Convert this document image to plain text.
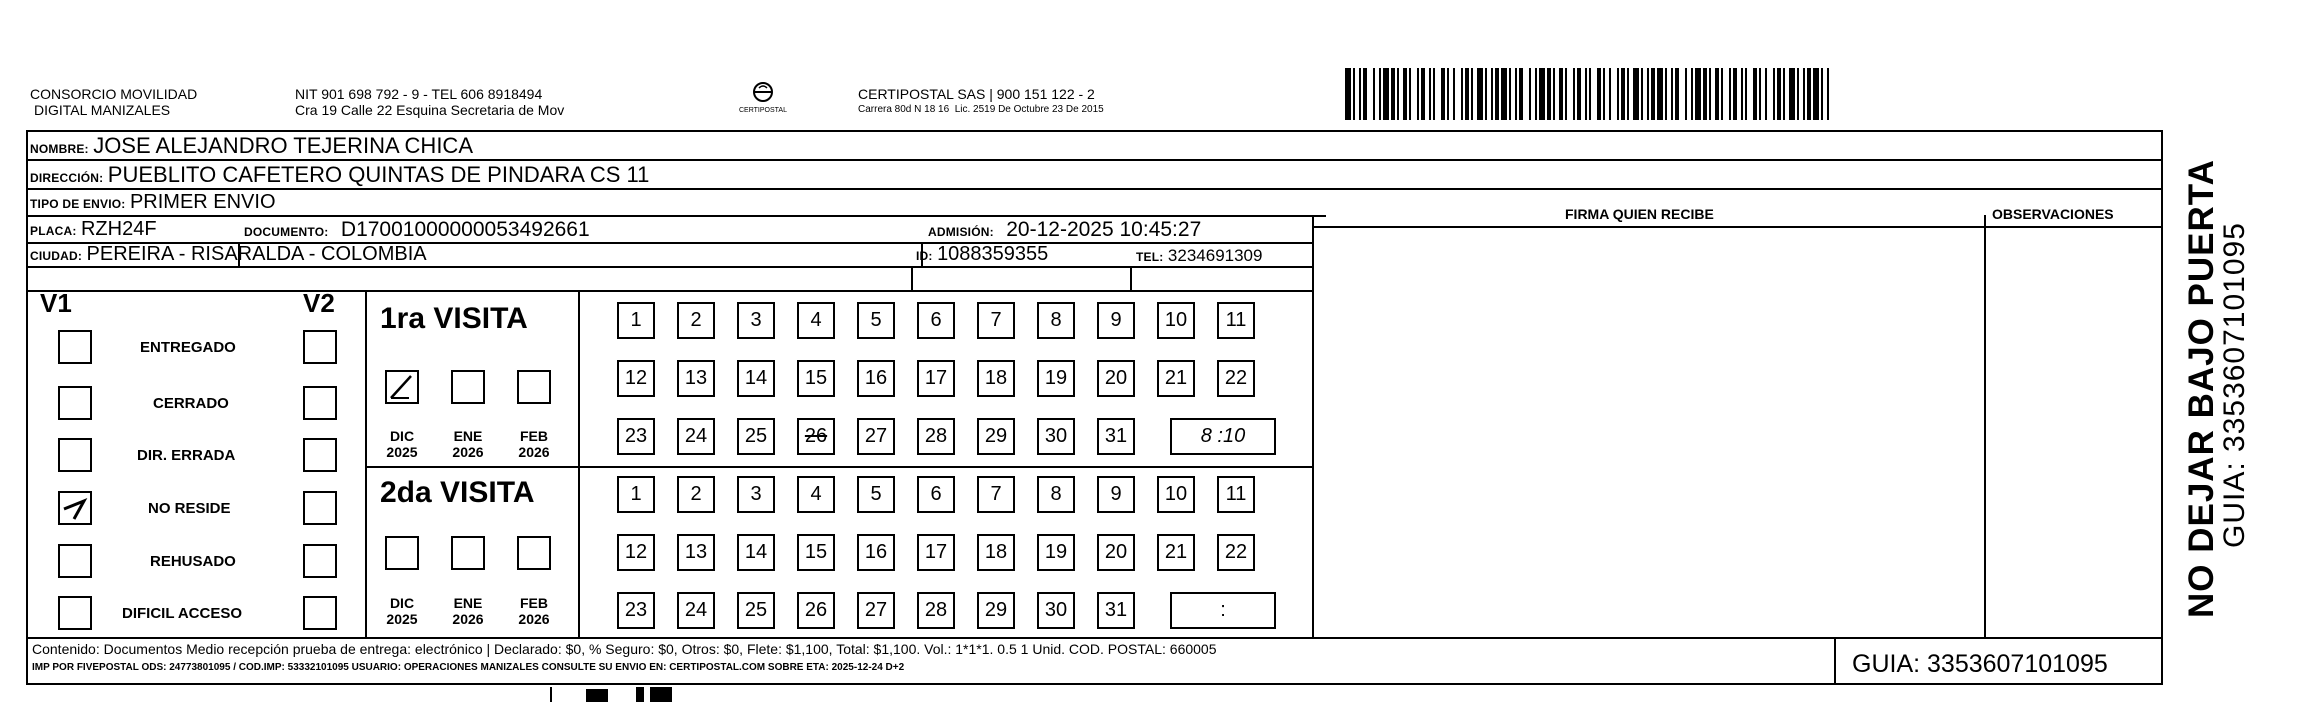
CONSORCIO MOVILIDAD
DIGITAL MANIZALES
NIT 901 698 792 - 9 - TEL 606 8918494
Cra 19 Calle 22 Esquina Secretaria de Mov	CERTIPOSTAL
CERTIPOSTAL SAS | 900 151 122 - 2
Carrera 80d N 18 16  Lic. 2519 De Octubre 23 De 2015
NOMBRE: JOSE ALEJANDRO TEJERINA CHICA
DIRECCIÓN: PUEBLITO CAFETERO QUINTAS DE PINDARA CS 11
TIPO DE ENVIO: PRIMER ENVIO
PLACA: RZH24F	DOCUMENTO: D17001000000053492661	ADMISIÓN: 20-12-2025 10:45:27
CIUDAD: PEREIRA - RISARALDA - COLOMBIA	ID: 1088359355	TEL: 3234691309
FIRMA QUIEN RECIBE	OBSERVACIONES
V1	V2
ENTREGADO
CERRADO
DIR. ERRADA
NO RESIDE
REHUSADO
DIFICIL ACCESO
1ra VISITA
2da VISITA
DIC
2025
ENE
2026
FEB
2026
DIC
2025
ENE
2026
FEB
2026
1	2	3	4	5	6	7	8	9	10	11
12	13	14	15	16	17	18	19	20	21	22
23	24	25	26	27	28	29	30	31	8 :10
1	2	3	4	5	6	7	8	9	10	11
12	13	14	15	16	17	18	19	20	21	22
23	24	25	26	27	28	29	30	31	:
Contenido: Documentos Medio recepción prueba de entrega: electrónico | Declarado: $0, % Seguro: $0, Otros: $0, Flete: $1,100, Total: $1,100. Vol.: 1*1*1. 0.5 1 Unid. COD. POSTAL: 660005
IMP POR FIVEPOSTAL ODS: 24773801095 / COD.IMP: 53332101095 USUARIO: OPERACIONES MANIZALES CONSULTE SU ENVIO EN: CERTIPOSTAL.COM SOBRE ETA: 2025-12-24 D+2	GUIA: 3353607101095
NO DEJAR BAJO PUERTA
GUIA: 3353607101095
